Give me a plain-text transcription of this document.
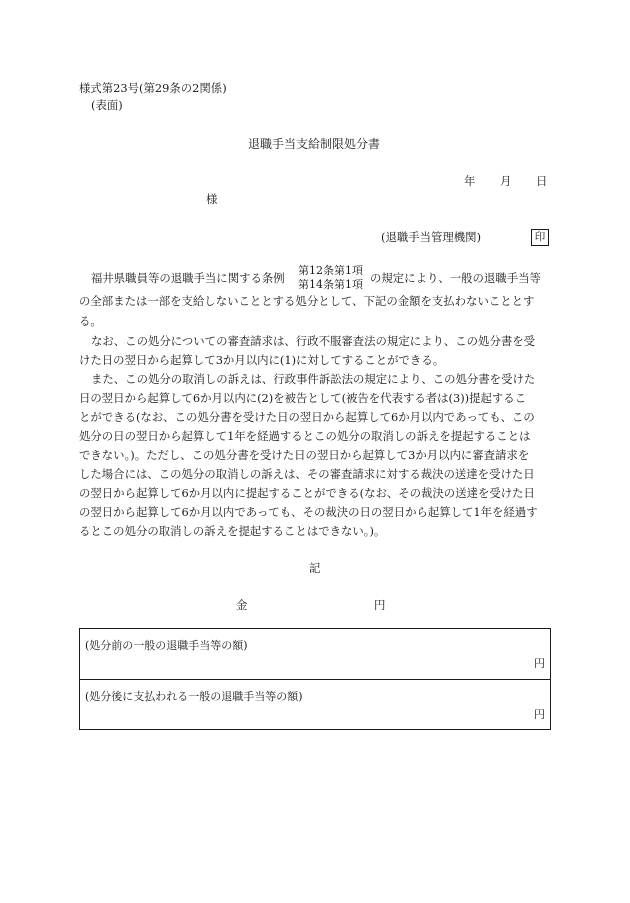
様式第23号(第29条の2関係)
(表面)
退職手当支給制限処分書
年 月 日
様
(退職手当管理機関)	印
福井県職員等の退職手当に関する条例
第12条第1項
第14条第1項 の規定により、一般の退職手当等
の全部または一部を支給しないこととする処分として、下記の金額を支払わないこととす
る。
なお、この処分についての審査請求は、行政不服審査法の規定により、この処分書を受
けた日の翌日から起算して3か月以内に(1)に対してすることができる。
また、この処分の取消しの訴えは、行政事件訴訟法の規定により、この処分書を受けた
日の翌日から起算して6か月以内に(2)を被告として(被告を代表する者は(3))提起するこ
とができる(なお、この処分書を受けた日の翌日から起算して6か月以内であっても、この
処分の日の翌日から起算して1年を経過するとこの処分の取消しの訴えを提起することは
できない。)。ただし、この処分書を受けた日の翌日から起算して3か月以内に審査請求を
した場合には、この処分の取消しの訴えは、その審査請求に対する裁決の送達を受けた日
の翌日から起算して6か月以内に提起することができる(なお、その裁決の送達を受けた日
の翌日から起算して6か月以内であっても、その裁決の日の翌日から起算して1年を経過す
るとこの処分の取消しの訴えを提起することはできない。)。
記
金	円
(処分前の一般の退職手当等の額)
円
(処分後に支払われる一般の退職手当等の額)
円
